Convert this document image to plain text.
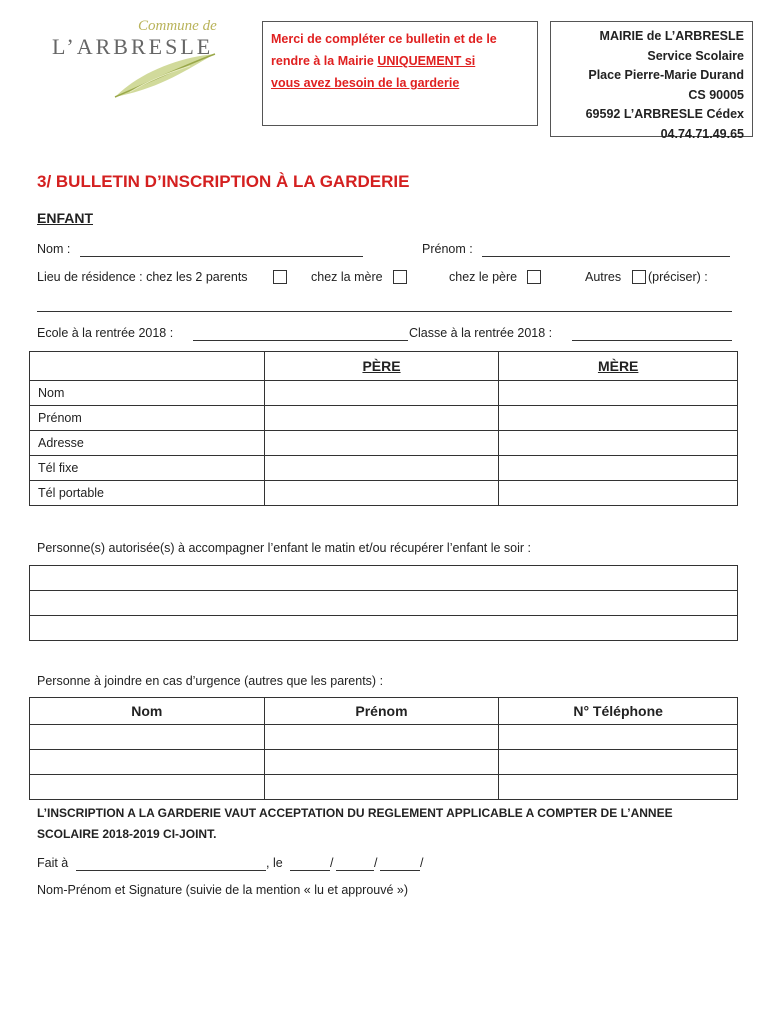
Commune de
L’ARBRESLE	Merci de compléter ce bulletin et de le
rendre à la Mairie UNIQUEMENT si
vous avez besoin de la garderie
MAIRIE de L’ARBRESLE
Service Scolaire
Place Pierre-Marie Durand
CS 90005
69592 L’ARBRESLE Cédex
04.74.71.49.65
3/ BULLETIN D’INSCRIPTION À LA GARDERIE
ENFANT
Nom :	Prénom :
Lieu de résidence : chez les 2 parents	chez la mère	chez le père	Autres (préciser) :
Ecole à la rentrée 2018 :	Classe à la rentrée 2018 :
	PÈRE	MÈRE
Nom		
Prénom		
Adresse		
Tél fixe		
Tél portable		
Personne(s) autorisée(s) à accompagner l’enfant le matin et/ou récupérer l’enfant le soir :

Personne à joindre en cas d’urgence (autres que les parents) :
Nom	Prénom	N° Téléphone

L’INSCRIPTION A LA GARDERIE VAUT ACCEPTATION DU REGLEMENT APPLICABLE A COMPTER DE L’ANNEE
SCOLAIRE 2018-2019 CI-JOINT.
Fait à	, le	/	/	/
Nom-Prénom et Signature (suivie de la mention « lu et approuvé »)
